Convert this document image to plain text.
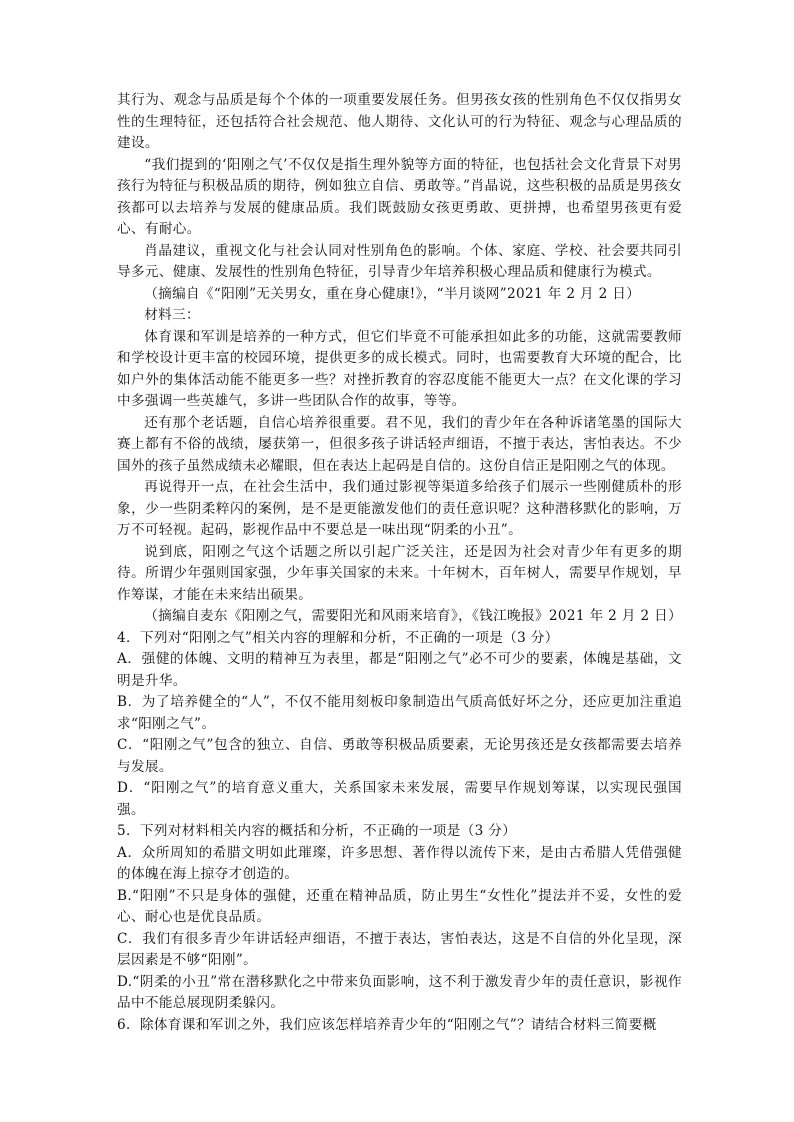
其行为、观念与品质是每个个体的一项重要发展任务。但男孩女孩的性别角色不仅仅指男女性的生理特征，还包括符合社会规范、他人期待、文化认可的行为特征、观念与心理品质的建设。

“我们提到的‘阳刚之气’不仅仅是指生理外貌等方面的特征，也包括社会文化背景下对男孩行为特征与积极品质的期待，例如独立自信、勇敢等。”肖晶说，这些积极的品质是男孩女孩都可以去培养与发展的健康品质。我们既鼓励女孩更勇敢、更拼搏，也希望男孩更有爱心、有耐心。

肖晶建议，重视文化与社会认同对性别角色的影响。个体、家庭、学校、社会要共同引导多元、健康、发展性的性别角色特征，引导青少年培养积极心理品质和健康行为模式。

（摘编自《“阳刚”无关男女，重在身心健康!》，“半月谈网”2021 年 2 月 2 日）

材料三：

体育课和军训是培养的一种方式，但它们毕竟不可能承担如此多的功能，这就需要教师和学校设计更丰富的校园环境，提供更多的成长模式。同时，也需要教育大环境的配合，比如户外的集体活动能不能更多一些？对挫折教育的容忍度能不能更大一点？在文化课的学习中多强调一些英雄气，多讲一些团队合作的故事，等等。

还有那个老话题，自信心培养很重要。君不见，我们的青少年在各种诉诸笔墨的国际大赛上都有不俗的战绩，屡获第一，但很多孩子讲话轻声细语，不擅于表达，害怕表达。不少国外的孩子虽然成绩未必耀眼，但在表达上起码是自信的。这份自信正是阳刚之气的体现。

再说得开一点，在社会生活中，我们通过影视等渠道多给孩子们展示一些刚健质朴的形象，少一些阴柔粹闪的案例，是不是更能激发他们的责任意识呢？这种潜移默化的影响，万万不可轻视。起码，影视作品中不要总是一味出现“阴柔的小丑”。

说到底，阳刚之气这个话题之所以引起广泛关注，还是因为社会对青少年有更多的期待。所谓少年强则国家强，少年事关国家的未来。十年树木，百年树人，需要早作规划，早作筹谋，才能在未来结出硕果。

（摘编自麦东《阳刚之气，需要阳光和风雨来培育》，《钱江晚报》2021 年 2 月 2 日）

4．下列对“阳刚之气”相关内容的理解和分析，不正确的一项是（3 分）

A．强健的体魄、文明的精神互为表里，都是“阳刚之气”必不可少的要素，体魄是基础，文明是升华。

B．为了培养健全的“人”，不仅不能用刻板印象制造出气质高低好坏之分，还应更加注重追求“阳刚之气”。

C．“阳刚之气”包含的独立、自信、勇敢等积极品质要素，无论男孩还是女孩都需要去培养与发展。

D．“阳刚之气”的培育意义重大，关系国家未来发展，需要早作规划筹谋，以实现民强国强。

5．下列对材料相关内容的概括和分析，不正确的一项是（3 分）

A．众所周知的希腊文明如此璀璨，许多思想、著作得以流传下来，是由古希腊人凭借强健的体魄在海上掠夺才创造的。

B.“阳刚”不只是身体的强健，还重在精神品质，防止男生“女性化”提法并不妥，女性的爱心、耐心也是优良品质。

C．我们有很多青少年讲话轻声细语，不擅于表达，害怕表达，这是不自信的外化呈现，深层因素是不够“阳刚”。

D.“阴柔的小丑”常在潜移默化之中带来负面影响，这不利于激发青少年的责任意识，影视作品中不能总展现阴柔躲闪。

6．除体育课和军训之外，我们应该怎样培养青少年的“阳刚之气”？请结合材料三简要概
